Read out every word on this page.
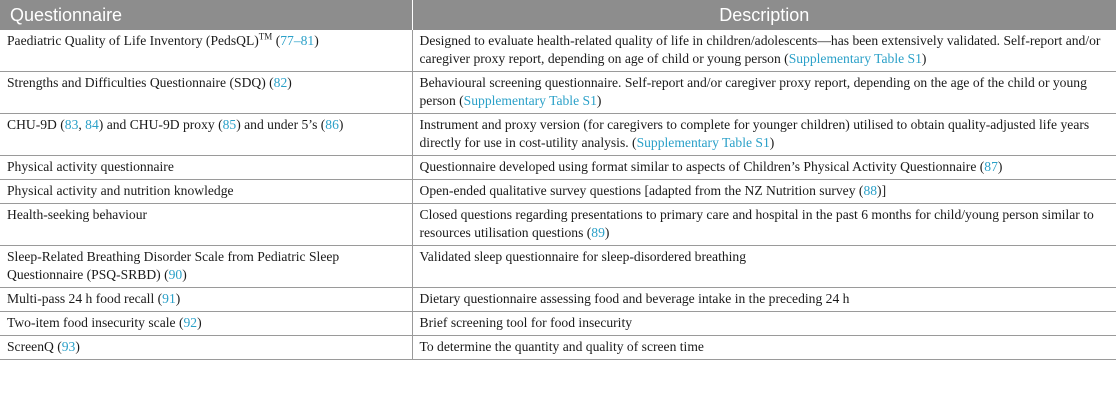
Questionnaire	Description
Paediatric Quality of Life Inventory (PedsQL)™ (77–81)	Designed to evaluate health-related quality of life in children/adolescents—has been extensively validated. Self-report and/or caregiver proxy report, depending on age of child or young person (Supplementary Table S1)
Strengths and Difficulties Questionnaire (SDQ) (82)	Behavioural screening questionnaire. Self-report and/or caregiver proxy report, depending on the age of the child or young person (Supplementary Table S1)
CHU-9D (83, 84) and CHU-9D proxy (85) and under 5’s (86)	Instrument and proxy version (for caregivers to complete for younger children) utilised to obtain quality-adjusted life years directly for use in cost-utility analysis. (Supplementary Table S1)
Physical activity questionnaire	Questionnaire developed using format similar to aspects of Children’s Physical Activity Questionnaire (87)
Physical activity and nutrition knowledge	Open-ended qualitative survey questions [adapted from the NZ Nutrition survey (88)]
Health-seeking behaviour	Closed questions regarding presentations to primary care and hospital in the past 6 months for child/young person similar to resources utilisation questions (89)
Sleep-Related Breathing Disorder Scale from Pediatric Sleep Questionnaire (PSQ-SRBD) (90)	Validated sleep questionnaire for sleep-disordered breathing
Multi-pass 24 h food recall (91)	Dietary questionnaire assessing food and beverage intake in the preceding 24 h
Two-item food insecurity scale (92)	Brief screening tool for food insecurity
ScreenQ (93)	To determine the quantity and quality of screen time
